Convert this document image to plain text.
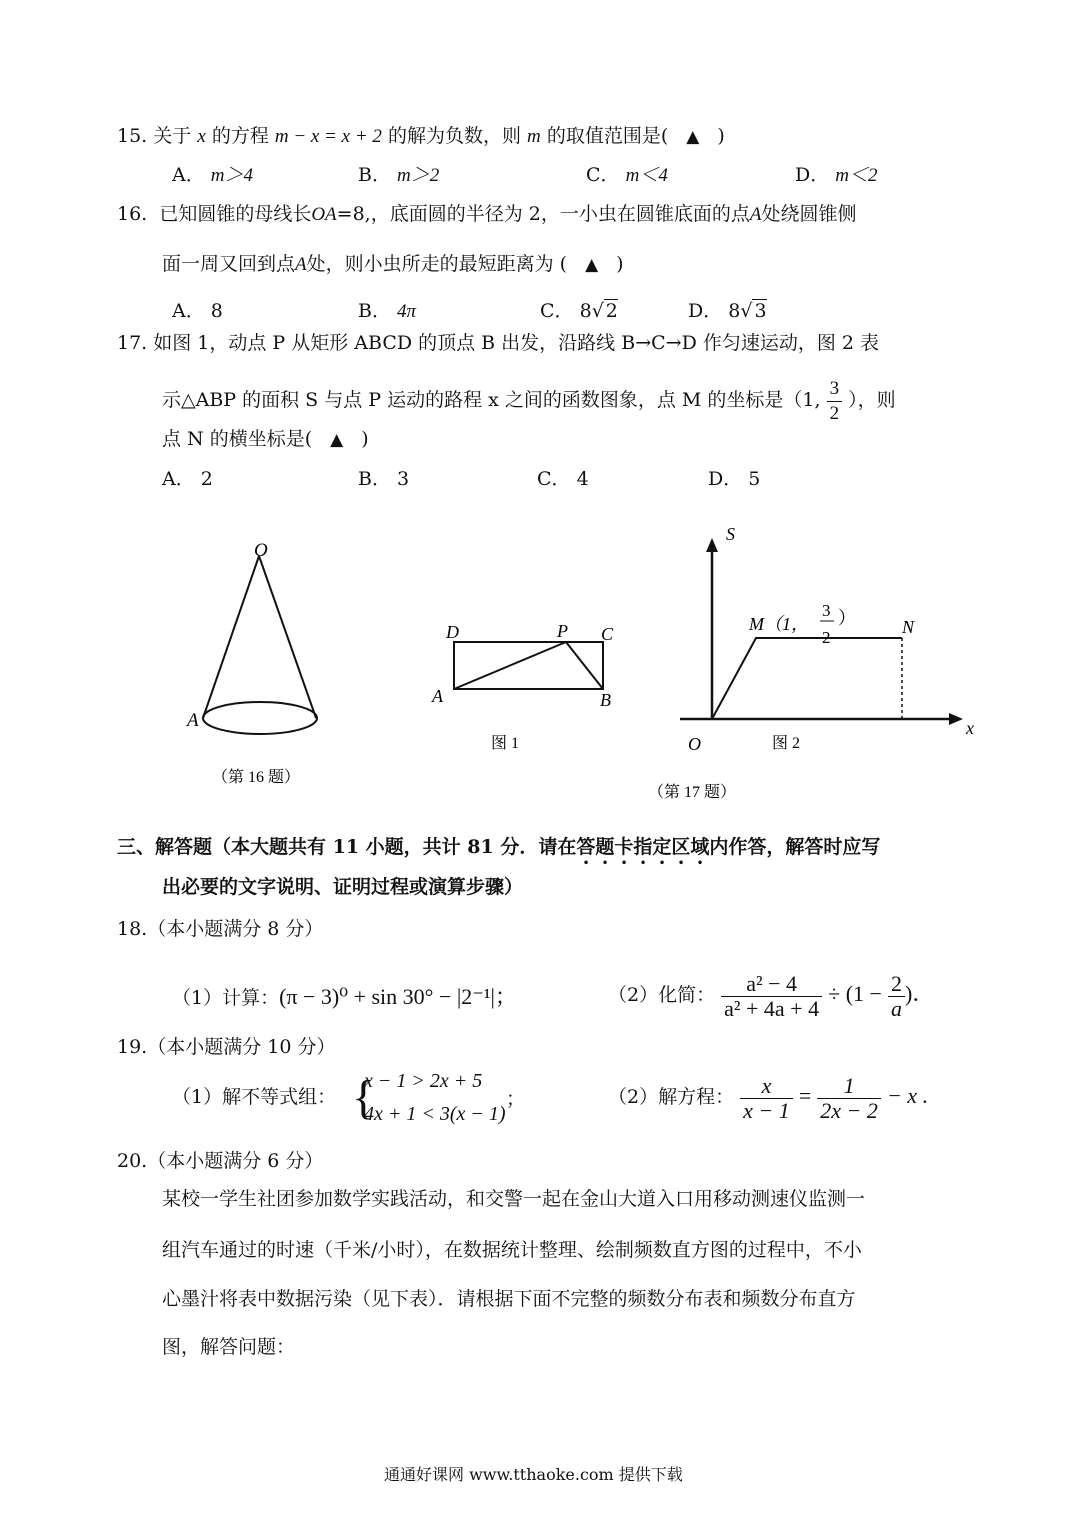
15. 关于 x 的方程 m − x = x + 2 的解为负数，则 m 的取值范围是( ▲ )
A． m＞4	B． m＞2	C． m＜4	D． m＜2
16. 已知圆锥的母线长OA=8,，底面圆的半径为 2，一小虫在圆锥底面的点A处绕圆锥侧
面一周又回到点A处，则小虫所走的最短距离为 ( ▲ )
A． 8	B． 4π	C． 8√ 2	D． 8√ 3
17. 如图 1，动点 P 从矩形 ABCD 的顶点 B 出发，沿路线 B→C→D 作匀速运动，图 2 表
示△ABP 的面积 S 与点 P 运动的路程 x 之间的函数图象，点 M 的坐标是（1, $\frac{3}{2}$ ），则
点 N 的横坐标是( ▲ )
A． 2	B． 3	C． 4	D． 5
O
A
（第 16 题）
D	P C
A	B
图 1
S
x
O
M（1，
3
2
）	N
图 2
（第 17 题）
三、解答题（本大题共有 11 小题，共计 81 分．请在答题卡指定区域内作答，解答时应写
出必要的文字说明、证明过程或演算步骤）
18.（本小题满分 8 分）
（1）计算：(π − 3)⁰ + sin 30° − |2⁻¹|；	（2）化简： $\frac{\text{a² − 4}}{\text{a² + 4a + 4}} \div (1 - \frac{2}{a}$ )．
19.（本小题满分 10 分）
（1）解不等式组： {
x − 1 > 2x + 5
4x + 1 < 3(x − 1)
；	（2）解方程： $\frac{x}{x - 1} = \frac{1}{2x - 2} - x$ .
20.（本小题满分 6 分）
某校一学生社团参加数学实践活动，和交警一起在金山大道入口用移动测速仪监测一
组汽车通过的时速（千米/小时），在数据统计整理、绘制频数直方图的过程中，不小
心墨汁将表中数据污染（见下表）．请根据下面不完整的频数分布表和频数分布直方
图，解答问题：
通通好课网 www.tthaoke.com 提供下载
